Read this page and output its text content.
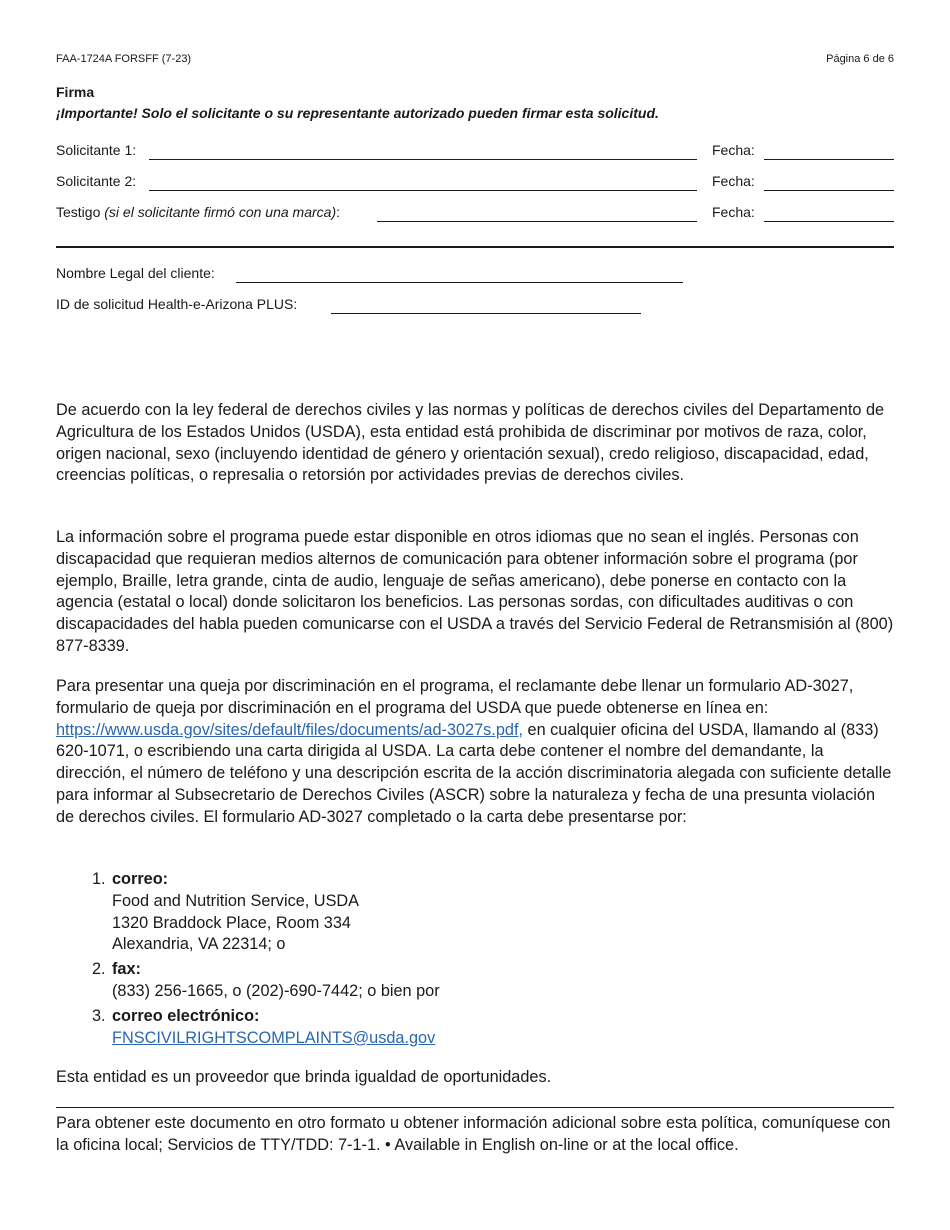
FAA-1724A FORSFF (7-23)	Página 6 de 6
Firma
¡Importante! Solo el solicitante o su representante autorizado pueden firmar esta solicitud.
Solicitante 1:	Fecha:
Solicitante 2:	Fecha:
Testigo (si el solicitante firmó con una marca):	Fecha:
Nombre Legal del cliente:
ID de solicitud Health-e-Arizona PLUS:

De acuerdo con la ley federal de derechos civiles y las normas y políticas de derechos civiles del Departamento de Agricultura de los Estados Unidos (USDA), esta entidad está prohibida de discriminar por motivos de raza, color, origen nacional, sexo (incluyendo identidad de género y orientación sexual), credo religioso, discapacidad, edad, creencias políticas, o represalia o retorsión por actividades previas de derechos civiles.

La información sobre el programa puede estar disponible en otros idiomas que no sean el inglés. Personas con discapacidad que requieran medios alternos de comunicación para obtener información sobre el programa (por ejemplo, Braille, letra grande, cinta de audio, lenguaje de señas americano), debe ponerse en contacto con la agencia (estatal o local) donde solicitaron los beneficios. Las personas sordas, con dificultades auditivas o con discapacidades del habla pueden comunicarse con el USDA a través del Servicio Federal de Retransmisión al (800) 877-8339.

Para presentar una queja por discriminación en el programa, el reclamante debe llenar un formulario AD-3027, formulario de queja por discriminación en el programa del USDA que puede obtenerse en línea en: https://www.usda.gov/sites/default/files/documents/ad-3027s.pdf, en cualquier oficina del USDA, llamando al (833) 620-1071, o escribiendo una carta dirigida al USDA. La carta debe contener el nombre del demandante, la dirección, el número de teléfono y una descripción escrita de la acción discriminatoria alegada con suficiente detalle para informar al Subsecretario de Derechos Civiles (ASCR) sobre la naturaleza y fecha de una presunta violación de derechos civiles. El formulario AD-3027 completado o la carta debe presentarse por:

1. correo:
Food and Nutrition Service, USDA
1320 Braddock Place, Room 334
Alexandria, VA 22314; o
2. fax:
(833) 256-1665, o (202)-690-7442; o bien por
3. correo electrónico:
FNSCIVILRIGHTSCOMPLAINTS@usda.gov

Esta entidad es un proveedor que brinda igualdad de oportunidades.

Para obtener este documento en otro formato u obtener información adicional sobre esta política, comuníquese con la oficina local; Servicios de TTY/TDD: 7-1-1. • Available in English on-line or at the local office.
